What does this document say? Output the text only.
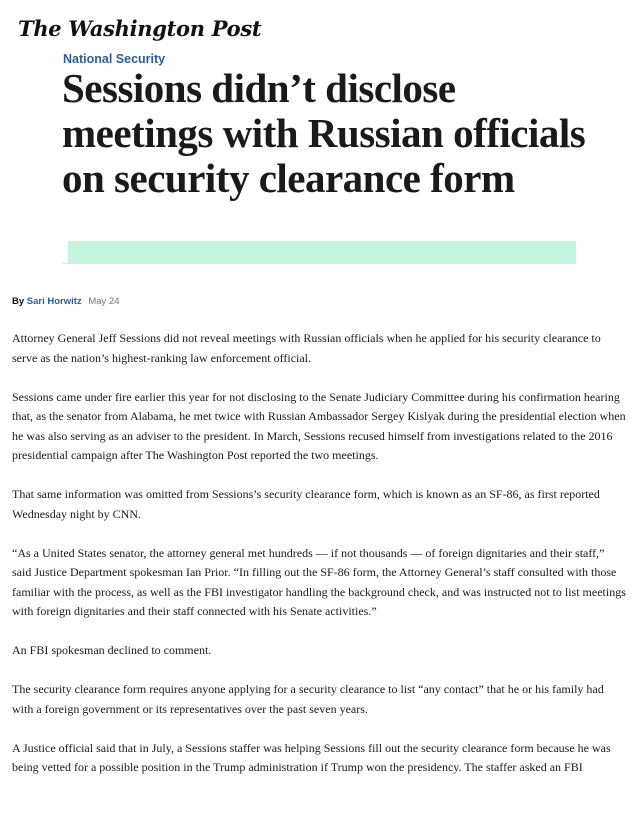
The Washington Post
National Security
Sessions didn’t disclose meetings with Russian officials on security clearance form
By Sari Horwitz May 24

Attorney General Jeff Sessions did not reveal meetings with Russian officials when he applied for his security clearance to serve as the nation’s highest-ranking law enforcement official.

Sessions came under fire earlier this year for not disclosing to the Senate Judiciary Committee during his confirmation hearing that, as the senator from Alabama, he met twice with Russian Ambassador Sergey Kislyak during the presidential election when he was also serving as an adviser to the president. In March, Sessions recused himself from investigations related to the 2016 presidential campaign after The Washington Post reported the two meetings.

That same information was omitted from Sessions’s security clearance form, which is known as an SF-86, as first reported Wednesday night by CNN.

“As a United States senator, the attorney general met hundreds — if not thousands — of foreign dignitaries and their staff,” said Justice Department spokesman Ian Prior. “In filling out the SF-86 form, the Attorney General’s staff consulted with those familiar with the process, as well as the FBI investigator handling the background check, and was instructed not to list meetings with foreign dignitaries and their staff connected with his Senate activities.”

An FBI spokesman declined to comment.

The security clearance form requires anyone applying for a security clearance to list “any contact” that he or his family had with a foreign government or its representatives over the past seven years.

A Justice official said that in July, a Sessions staffer was helping Sessions fill out the security clearance form because he was being vetted for a possible position in the Trump administration if Trump won the presidency. The staffer asked an FBI
